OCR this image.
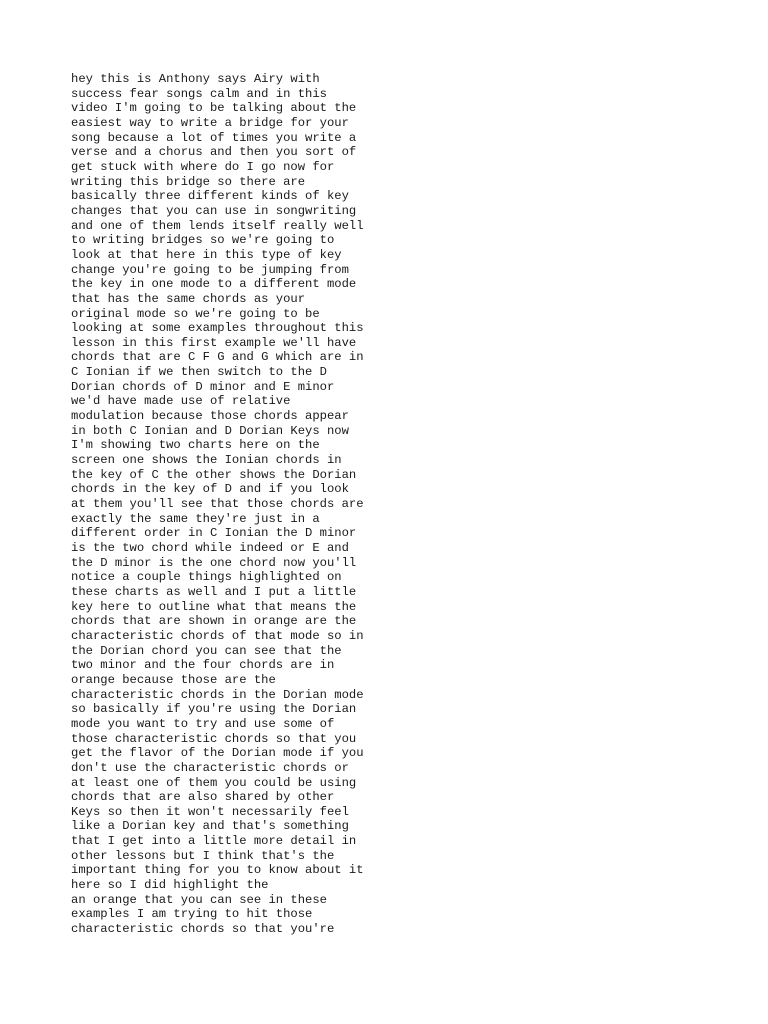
hey this is Anthony says Airy with
success fear songs calm and in this
video I'm going to be talking about the
easiest way to write a bridge for your
song because a lot of times you write a
verse and a chorus and then you sort of
get stuck with where do I go now for
writing this bridge so there are
basically three different kinds of key
changes that you can use in songwriting
and one of them lends itself really well
to writing bridges so we're going to
look at that here in this type of key
change you're going to be jumping from
the key in one mode to a different mode
that has the same chords as your
original mode so we're going to be
looking at some examples throughout this
lesson in this first example we'll have
chords that are C F G and G which are in
C Ionian if we then switch to the D
Dorian chords of D minor and E minor
we'd have made use of relative
modulation because those chords appear
in both C Ionian and D Dorian Keys now
I'm showing two charts here on the
screen one shows the Ionian chords in
the key of C the other shows the Dorian
chords in the key of D and if you look
at them you'll see that those chords are
exactly the same they're just in a
different order in C Ionian the D minor
is the two chord while indeed or E and
the D minor is the one chord now you'll
notice a couple things highlighted on
these charts as well and I put a little
key here to outline what that means the
chords that are shown in orange are the
characteristic chords of that mode so in
the Dorian chord you can see that the
two minor and the four chords are in
orange because those are the
characteristic chords in the Dorian mode
so basically if you're using the Dorian
mode you want to try and use some of
those characteristic chords so that you
get the flavor of the Dorian mode if you
don't use the characteristic chords or
at least one of them you could be using
chords that are also shared by other
Keys so then it won't necessarily feel
like a Dorian key and that's something
that I get into a little more detail in
other lessons but I think that's the
important thing for you to know about it
here so I did highlight the
an orange that you can see in these
examples I am trying to hit those
characteristic chords so that you're
